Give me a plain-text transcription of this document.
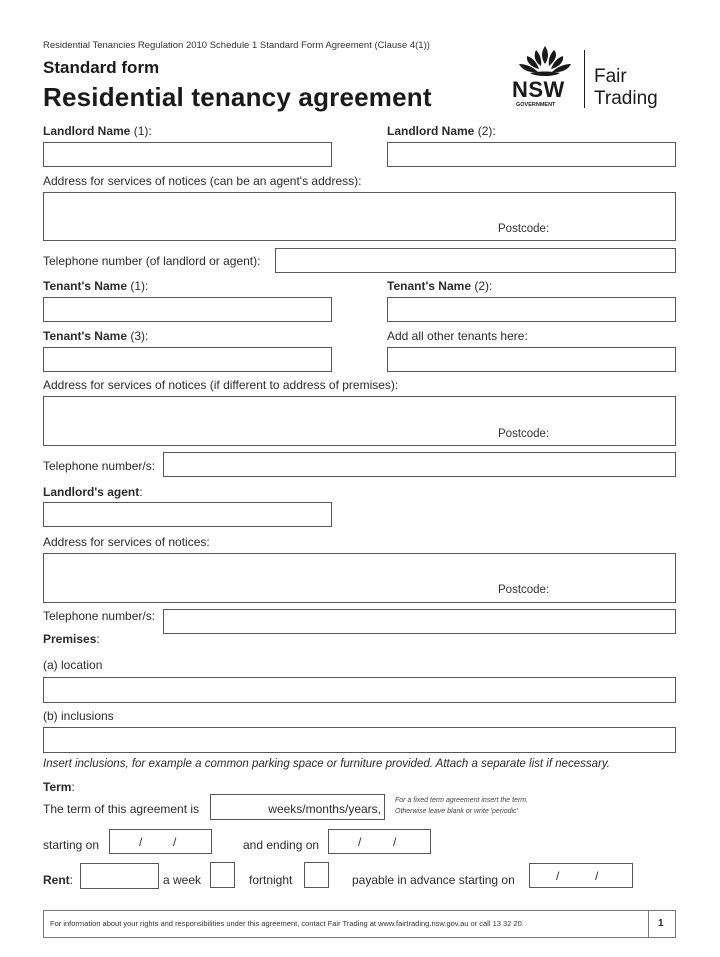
Residential Tenancies Regulation 2010 Schedule 1 Standard Form Agreement (Clause 4(1))
Standard form
Residential tenancy agreement	NSW
GOVERNMENT
Fair
Trading
Landlord Name (1):	Landlord Name (2):
Address for services of notices (can be an agent's address):
Postcode:
Telephone number (of landlord or agent):
Tenant's Name (1):	Tenant's Name (2):
Tenant's Name (3):	Add all other tenants here:
Address for services of notices (if different to address of premises):
Postcode:
Telephone number/s:
Landlord's agent:
Address for services of notices:
Postcode:
Telephone number/s:
Premises:
(a) location
(b) inclusions
Insert inclusions, for example a common parking space or furniture provided. Attach a separate list if necessary.
Term:
The term of this agreement is	weeks/months/years,
For a fixed term agreement insert the term.
Otherwise leave blank or write 'periodic'
starting on	/	/	and ending on	/	/
Rent:	a week	fortnight	payable in advance starting on	/	/
For information about your rights and responsibilities under this agreement, contact Fair Trading at www.fairtrading.nsw.gov.au or call 13 32 20.	1
